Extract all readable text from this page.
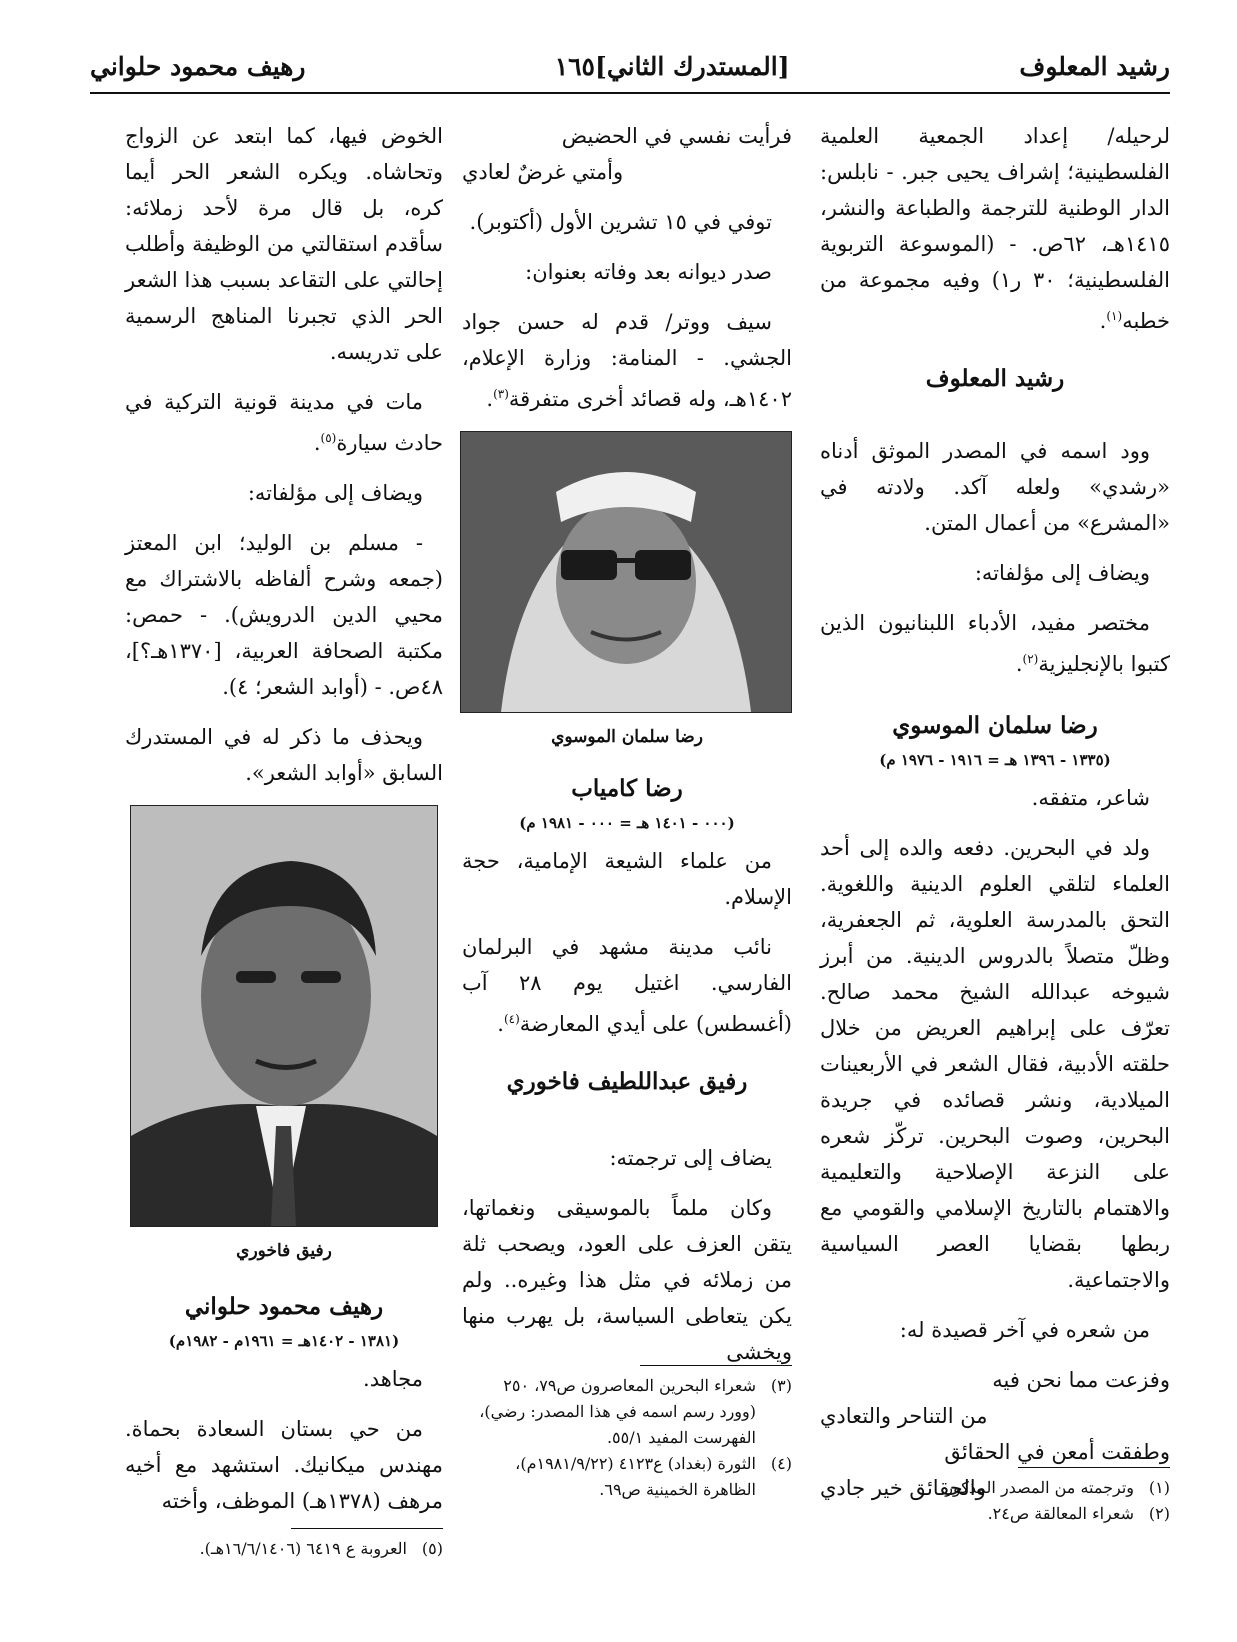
رشيد المعلوف
[المستدرك الثاني]
١٦٥
رهيف محمود حلواني

لرحيله/ إعداد الجمعية العلمية الفلسطينية؛ إشراف يحيى جبر. - نابلس: الدار الوطنية للترجمة والطباعة والنشر، ١٤١٥هـ، ٦٢ص. - (الموسوعة التربوية الفلسطينية؛ ٣٠ ر١) وفيه مجموعة من خطبه$^{(١)}$.

رشيد المعلوف

وود اسمه في المصدر الموثق أدناه «رشدي» ولعله آكد. ولادته في «المشرع» من أعمال المتن.

ويضاف إلى مؤلفاته:

مختصر مفيد، الأدباء اللبنانيون الذين كتبوا بالإنجليزية$^{(٢)}$.

رضا سلمان الموسوي
(١٣٣٥ - ١٣٩٦ هـ = ١٩١٦ - ١٩٧٦ م)

شاعر، متفقه.

ولد في البحرين. دفعه والده إلى أحد العلماء لتلقي العلوم الدينية واللغوية. التحق بالمدرسة العلوية، ثم الجعفرية، وظلّ متصلاً بالدروس الدينية. من أبرز شيوخه عبدالله الشيخ محمد صالح. تعرّف على إبراهيم العريض من خلال حلقته الأدبية، فقال الشعر في الأربعينات الميلادية، ونشر قصائده في جريدة البحرين، وصوت البحرين. تركّز شعره على النزعة الإصلاحية والتعليمية والاهتمام بالتاريخ الإسلامي والقومي مع ربطها بقضايا العصر السياسية والاجتماعية.

من شعره في آخر قصيدة له:

وفزعت مما نحن فيه
من التناحر والتعادي
وطفقت أمعن في الحقائق
والحقائق خير جادي
فرأيت نفسي في الحضيض
وأمتي غرضٌ لعادي

توفي في ١٥ تشرين الأول (أكتوبر).

صدر ديوانه بعد وفاته بعنوان:

سيف ووتر/ قدم له حسن جواد الجشي. - المنامة: وزارة الإعلام، ١٤٠٢هـ، وله قصائد أخرى متفرقة$^{(٣)}$.

رضا سلمان الموسوي
رضا كامياب
(٠٠٠ - ١٤٠١ هـ = ٠٠٠ - ١٩٨١ م)

من علماء الشيعة الإمامية، حجة الإسلام.

نائب مدينة مشهد في البرلمان الفارسي. اغتيل يوم ٢٨ آب (أغسطس) على أيدي المعارضة$^{(٤)}$.

رفيق عبداللطيف فاخوري

يضاف إلى ترجمته:

وكان ملماً بالموسيقى ونغماتها، يتقن العزف على العود، ويصحب ثلة من زملائه في مثل هذا وغيره.. ولم يكن يتعاطى السياسة، بل يهرب منها ويخشى

الخوض فيها، كما ابتعد عن الزواج وتحاشاه. ويكره الشعر الحر أيما كره، بل قال مرة لأحد زملائه: سأقدم استقالتي من الوظيفة وأطلب إحالتي على التقاعد بسبب هذا الشعر الحر الذي تجبرنا المناهج الرسمية على تدريسه.

مات في مدينة قونية التركية في حادث سيارة$^{(٥)}$.

ويضاف إلى مؤلفاته:

- مسلم بن الوليد؛ ابن المعتز (جمعه وشرح ألفاظه بالاشتراك مع محيي الدين الدرويش). - حمص: مكتبة الصحافة العربية، [١٣٧٠هـ؟]، ٤٨ص. - (أوابد الشعر؛ ٤).

ويحذف ما ذكر له في المستدرك السابق «أوابد الشعر».

رفيق فاخوري
رهيف محمود حلواني
(١٣٨١ - ١٤٠٢هـ = ١٩٦١م - ١٩٨٢م)

مجاهد.

من حي بستان السعادة بحماة. مهندس ميكانيك. استشهد مع أخيه مرهف (١٣٧٨هـ) الموظف، وأخته

(١)
وترجمته من المصدر المذكور.
(٢)
شعراء المعالقة ص٢٤.
(٣)
شعراء البحرين المعاصرون ص٧٩، ٢٥٠ (وورد رسم اسمه في هذا المصدر: رضي)، الفهرست المفيد ٥٥/١.
(٤)
الثورة (بغداد) ع٤١٢٣ (١٩٨١/٩/٢٢م)، الظاهرة الخمينية ص٦٩.
(٥)
العروبة ع ٦٤١٩ (١٦/٦/١٤٠٦هـ).
